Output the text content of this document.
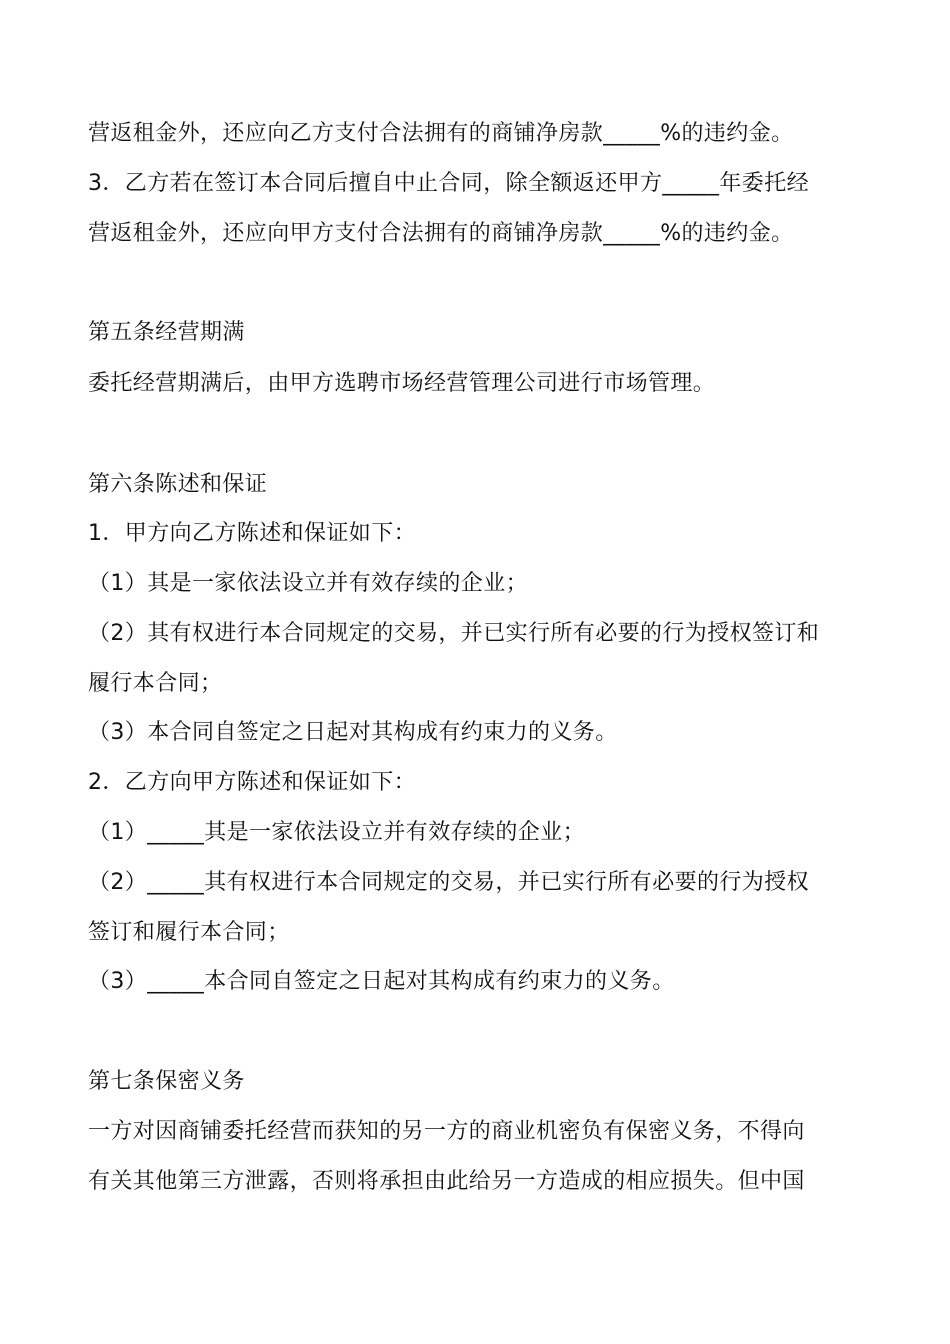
营返租金外，还应向乙方支付合法拥有的商铺净房款_____%的违约金。
3．乙方若在签订本合同后擅自中止合同，除全额返还甲方_____年委托经
营返租金外，还应向甲方支付合法拥有的商铺净房款_____%的违约金。
第五条经营期满
委托经营期满后，由甲方选聘市场经营管理公司进行市场管理。
第六条陈述和保证
1．甲方向乙方陈述和保证如下：
（1）其是一家依法设立并有效存续的企业；
（2）其有权进行本合同规定的交易，并已实行所有必要的行为授权签订和
履行本合同；
（3）本合同自签定之日起对其构成有约束力的义务。
2．乙方向甲方陈述和保证如下：
（1）_____其是一家依法设立并有效存续的企业；
（2）_____其有权进行本合同规定的交易，并已实行所有必要的行为授权
签订和履行本合同；
（3）_____本合同自签定之日起对其构成有约束力的义务。
第七条保密义务
一方对因商铺委托经营而获知的另一方的商业机密负有保密义务，不得向
有关其他第三方泄露，否则将承担由此给另一方造成的相应损失。但中国
